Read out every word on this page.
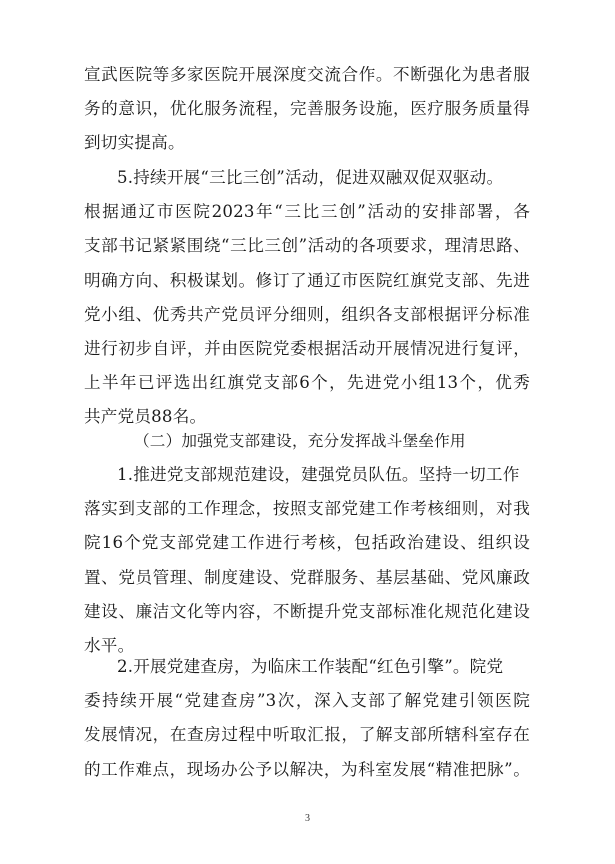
宣武医院等多家医院开展深度交流合作。不断强化为患者服
务的意识，优化服务流程，完善服务设施，医疗服务质量得
到切实提高。
5.持续开展“三比三创”活动，促进双融双促双驱动。
根据通辽市医院2023年“三比三创”活动的安排部署，各
支部书记紧紧围绕“三比三创”活动的各项要求，理清思路、
明确方向、积极谋划。修订了通辽市医院红旗党支部、先进
党小组、优秀共产党员评分细则，组织各支部根据评分标准
进行初步自评，并由医院党委根据活动开展情况进行复评，
上半年已评选出红旗党支部6个，先进党小组13个，优秀
共产党员88名。
（二）加强党支部建设，充分发挥战斗堡垒作用
1.推进党支部规范建设，建强党员队伍。坚持一切工作
落实到支部的工作理念，按照支部党建工作考核细则，对我
院16个党支部党建工作进行考核，包括政治建设、组织设
置、党员管理、制度建设、党群服务、基层基础、党风廉政
建设、廉洁文化等内容，不断提升党支部标准化规范化建设
水平。
2.开展党建查房，为临床工作装配“红色引擎”。院党
委持续开展“党建查房”3次，深入支部了解党建引领医院
发展情况，在查房过程中听取汇报，了解支部所辖科室存在
的工作难点，现场办公予以解决，为科室发展“精准把脉”。
3
